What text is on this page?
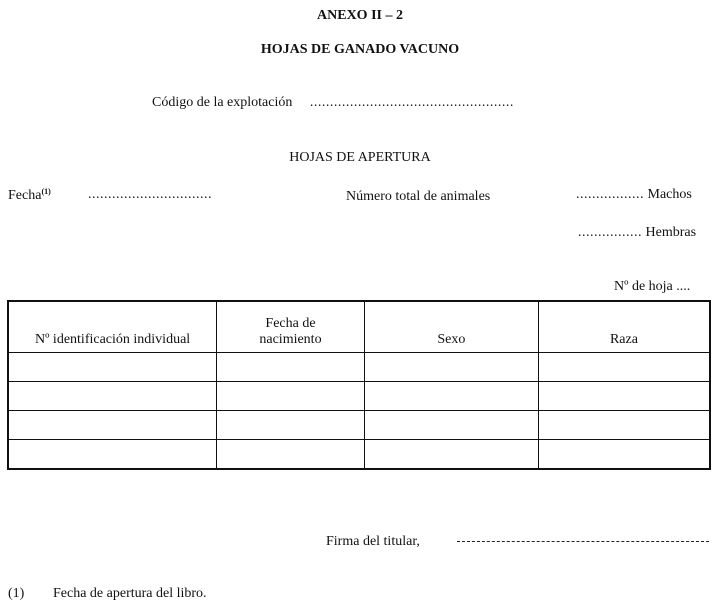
ANEXO II – 2
HOJAS DE GANADO VACUNO
Código de la explotación ...................................................
HOJAS DE APERTURA
Fecha$^{(1)}$	...............................	Número total de animales	................. Machos
................ Hembras
Nº de hoja ....
Nº identificación individual	Fecha de nacimiento	Sexo	Raza

Firma del titular,
(1) Fecha de apertura del libro.
